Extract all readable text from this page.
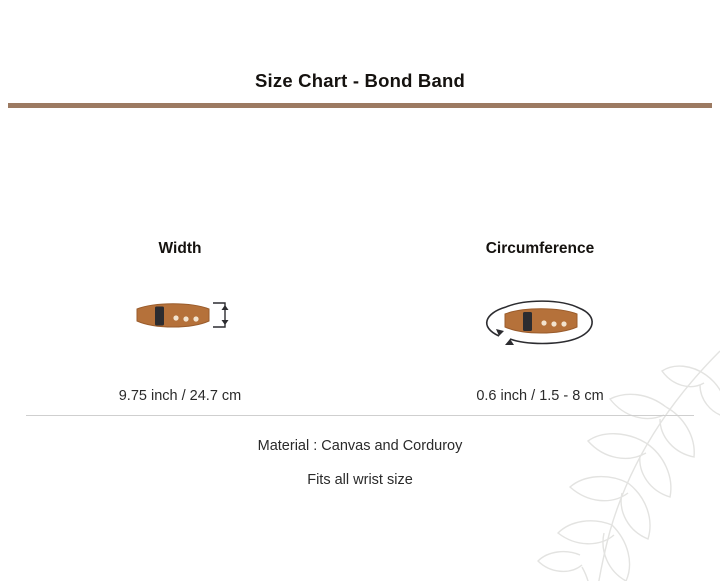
Size Chart - Bond Band
Width
9.75 inch / 24.7 cm
Circumference
0.6 inch / 1.5 - 8 cm
Material : Canvas and Corduroy
Fits all wrist size
